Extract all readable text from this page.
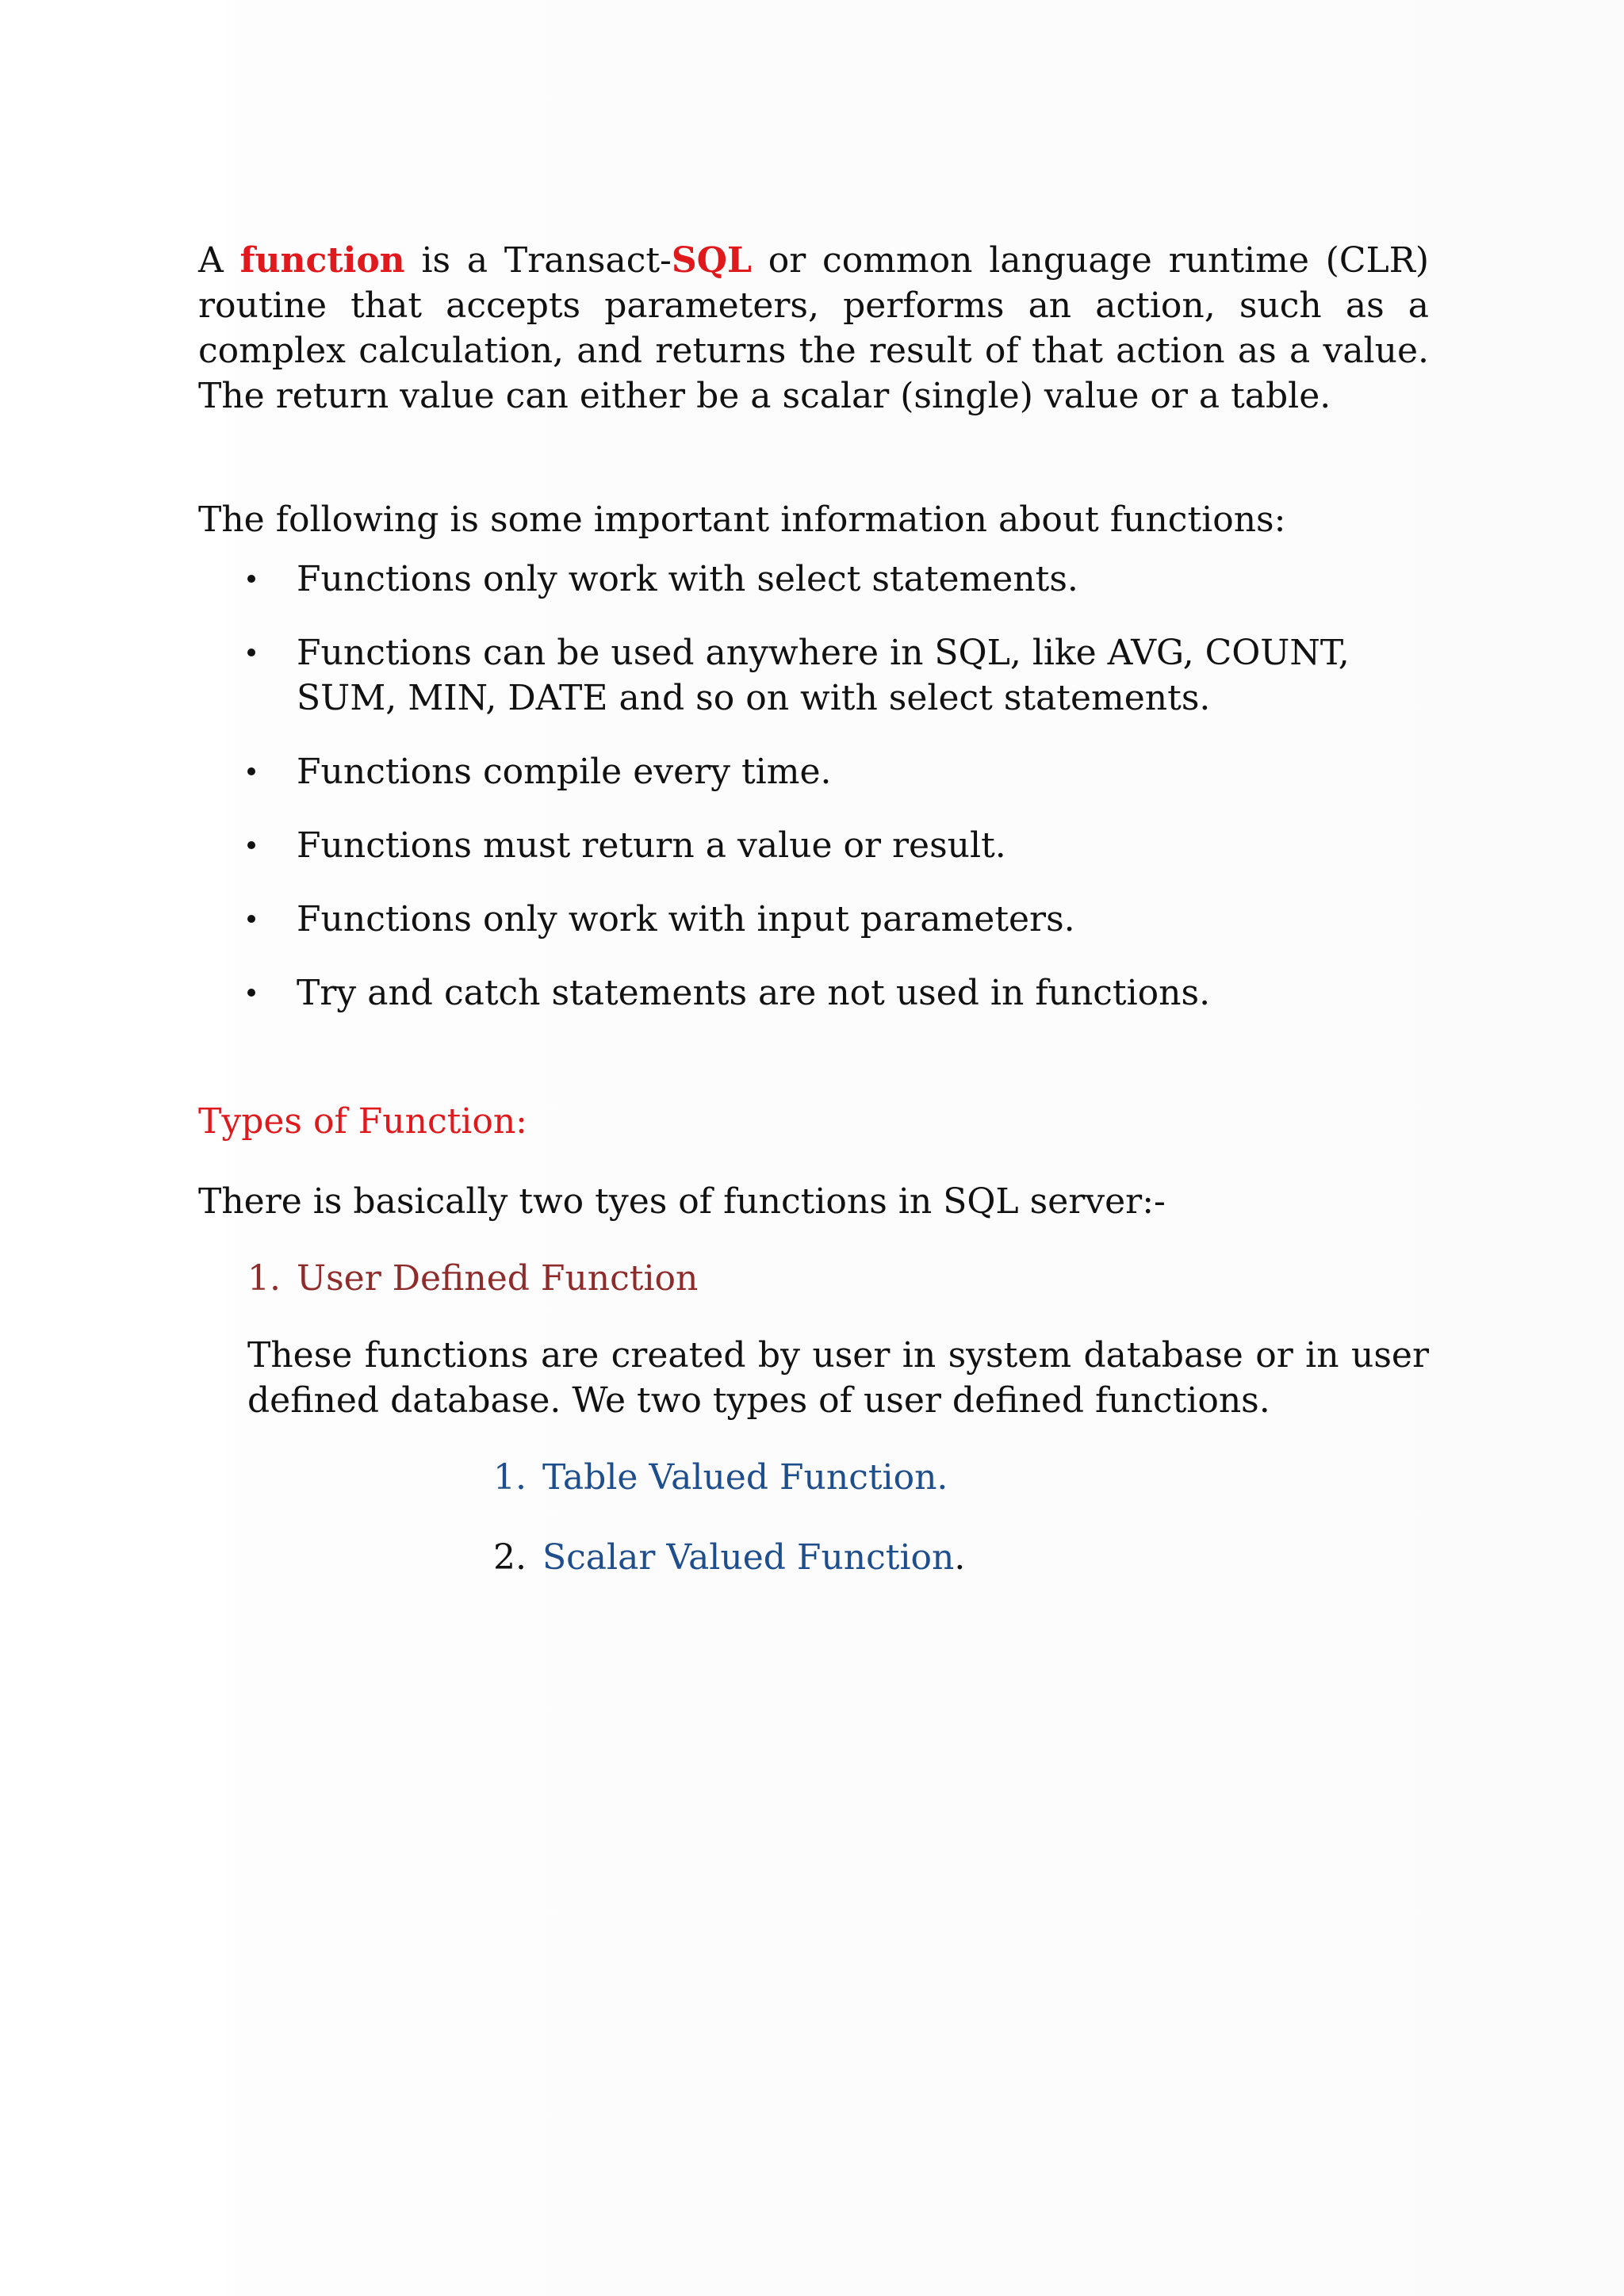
A function is a Transact-SQL or common language runtime (CLR) routine that accepts parameters, performs an action, such as a complex calculation, and returns the result of that action as a value. The return value can either be a scalar (single) value or a table.

The following is some important information about functions:

Functions only work with select statements.
Functions can be used anywhere in SQL, like AVG, COUNT, SUM, MIN, DATE and so on with select statements.
Functions compile every time.
Functions must return a value or result.
Functions only work with input parameters.
Try and catch statements are not used in functions.

Types of Function:

There is basically two tyes of functions in SQL server:-

1. User Defined Function

These functions are created by user in system database or in user
defined database. We two types of user defined functions.

1. Table Valued Function.

2. Scalar Valued Function.
